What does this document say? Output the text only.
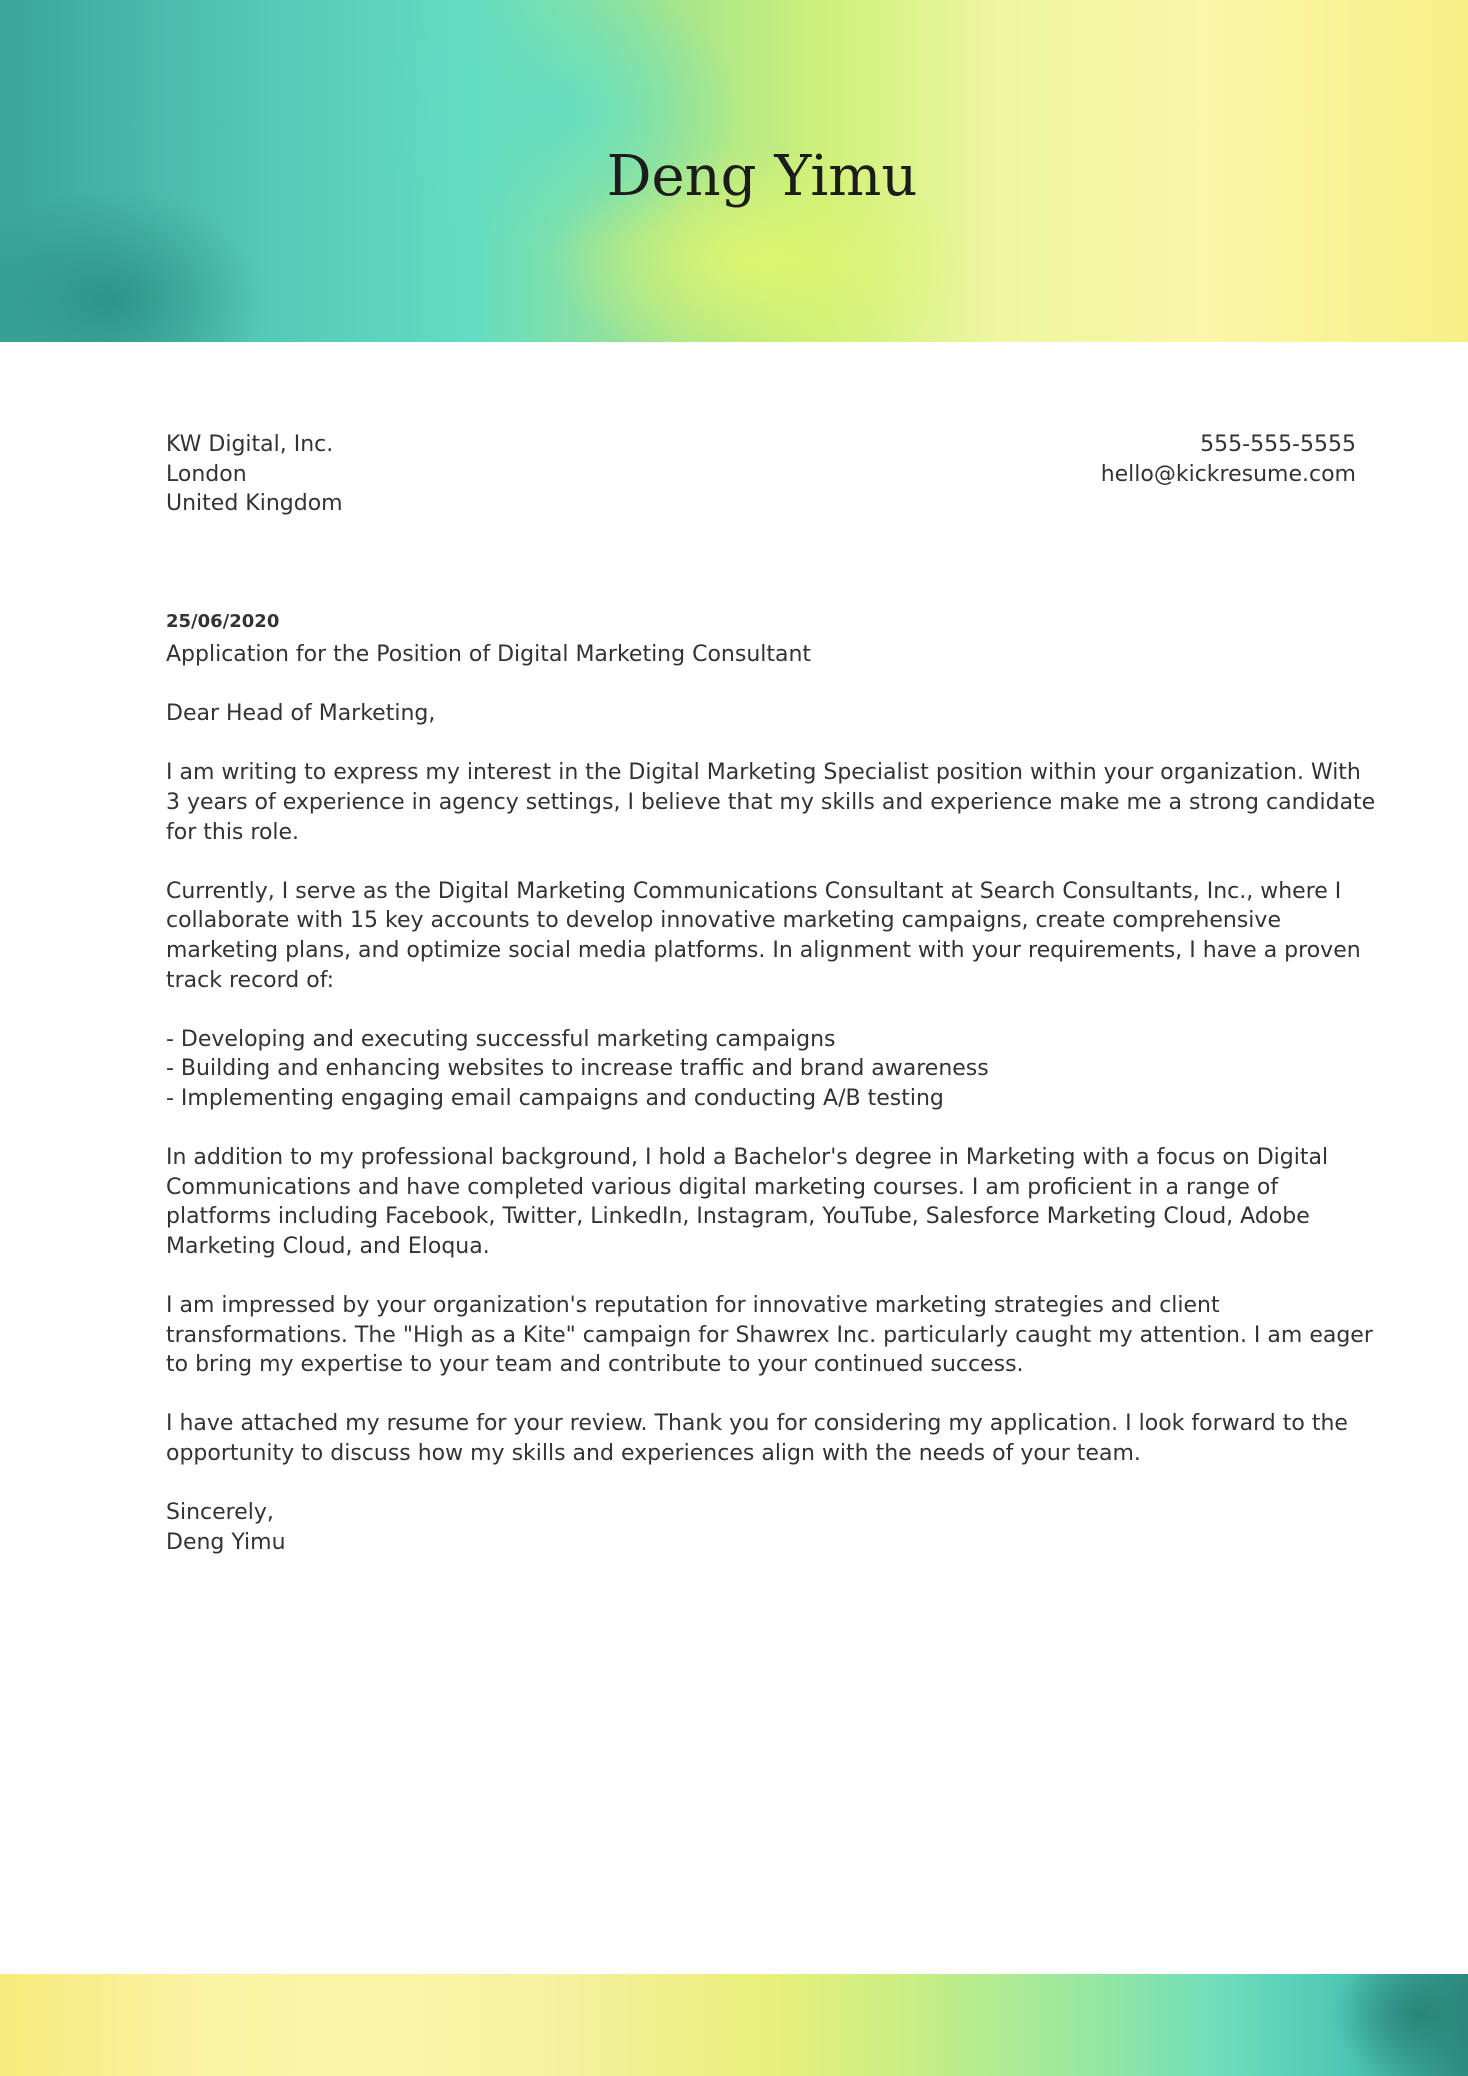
Deng Yimu
KW Digital, Inc.
London
United Kingdom
555-555-5555
hello@kickresume.com
25/06/2020
Application for the Position of Digital Marketing Consultant
Dear Head of Marketing,
I am writing to express my interest in the Digital Marketing Specialist position within your organization. With
3 years of experience in agency settings, I believe that my skills and experience make me a strong candidate
for this role.
Currently, I serve as the Digital Marketing Communications Consultant at Search Consultants, Inc., where I
collaborate with 15 key accounts to develop innovative marketing campaigns, create comprehensive
marketing plans, and optimize social media platforms. In alignment with your requirements, I have a proven
track record of:
- Developing and executing successful marketing campaigns
- Building and enhancing websites to increase traffic and brand awareness
- Implementing engaging email campaigns and conducting A/B testing
In addition to my professional background, I hold a Bachelor's degree in Marketing with a focus on Digital
Communications and have completed various digital marketing courses. I am proficient in a range of
platforms including Facebook, Twitter, LinkedIn, Instagram, YouTube, Salesforce Marketing Cloud, Adobe
Marketing Cloud, and Eloqua.
I am impressed by your organization's reputation for innovative marketing strategies and client
transformations. The "High as a Kite" campaign for Shawrex Inc. particularly caught my attention. I am eager
to bring my expertise to your team and contribute to your continued success.
I have attached my resume for your review. Thank you for considering my application. I look forward to the
opportunity to discuss how my skills and experiences align with the needs of your team.
Sincerely,
Deng Yimu
